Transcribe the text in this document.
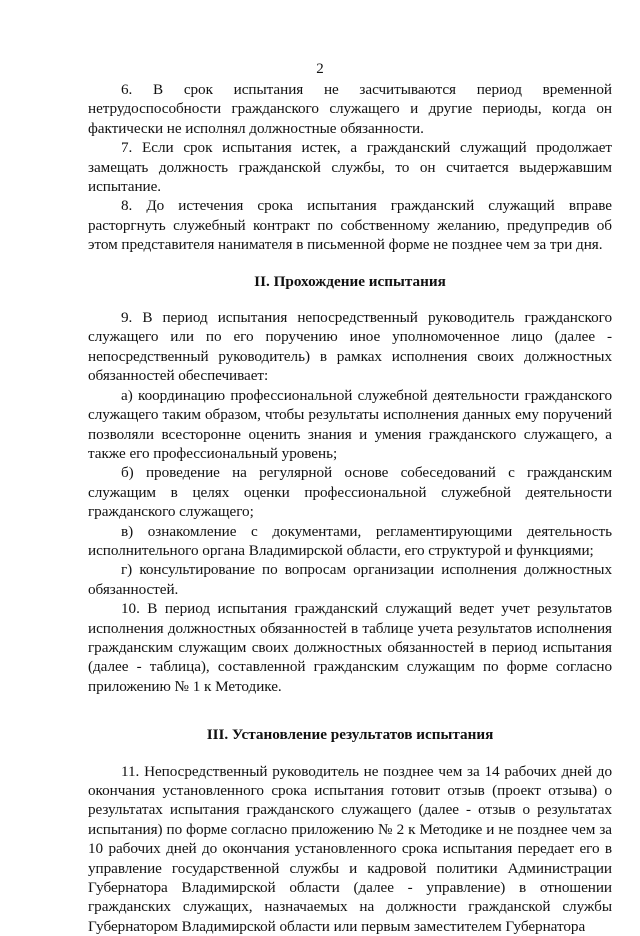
2

6. В срок испытания не засчитываются период временной нетрудоспособности гражданского служащего и другие периоды, когда он фактически не исполнял должностные обязанности.

7. Если срок испытания истек, а гражданский служащий продолжает замещать должность гражданской службы, то он считается выдержавшим испытание.

8. До истечения срока испытания гражданский служащий вправе расторгнуть служебный контракт по собственному желанию, предупредив об этом представителя нанимателя в письменной форме не позднее чем за три дня.

II. Прохождение испытания

9. В период испытания непосредственный руководитель гражданского служащего или по его поручению иное уполномоченное лицо (далее - непосредственный руководитель) в рамках исполнения своих должностных обязанностей обеспечивает:

а) координацию профессиональной служебной деятельности гражданского служащего таким образом, чтобы результаты исполнения данных ему поручений позволяли всесторонне оценить знания и умения гражданского служащего, а также его профессиональный уровень;

б) проведение на регулярной основе собеседований с гражданским служащим в целях оценки профессиональной служебной деятельности гражданского служащего;

в) ознакомление с документами, регламентирующими деятельность исполнительного органа Владимирской области, его структурой и функциями;

г) консультирование по вопросам организации исполнения должностных обязанностей.

10. В период испытания гражданский служащий ведет учет результатов исполнения должностных обязанностей в таблице учета результатов исполнения гражданским служащим своих должностных обязанностей в период испытания (далее - таблица), составленной гражданским служащим по форме согласно приложению № 1 к Методике.

III. Установление результатов испытания

11. Непосредственный руководитель не позднее чем за 14 рабочих дней до окончания установленного срока испытания готовит отзыв (проект отзыва) о результатах испытания гражданского служащего (далее - отзыв о результатах испытания) по форме согласно приложению № 2 к Методике и не позднее чем за 10 рабочих дней до окончания установленного срока испытания передает его в управление государственной службы и кадровой политики Администрации Губернатора Владимирской области (далее - управление) в отношении гражданских служащих, назначаемых на должности гражданской службы Губернатором Владимирской области или первым заместителем Губернатора
